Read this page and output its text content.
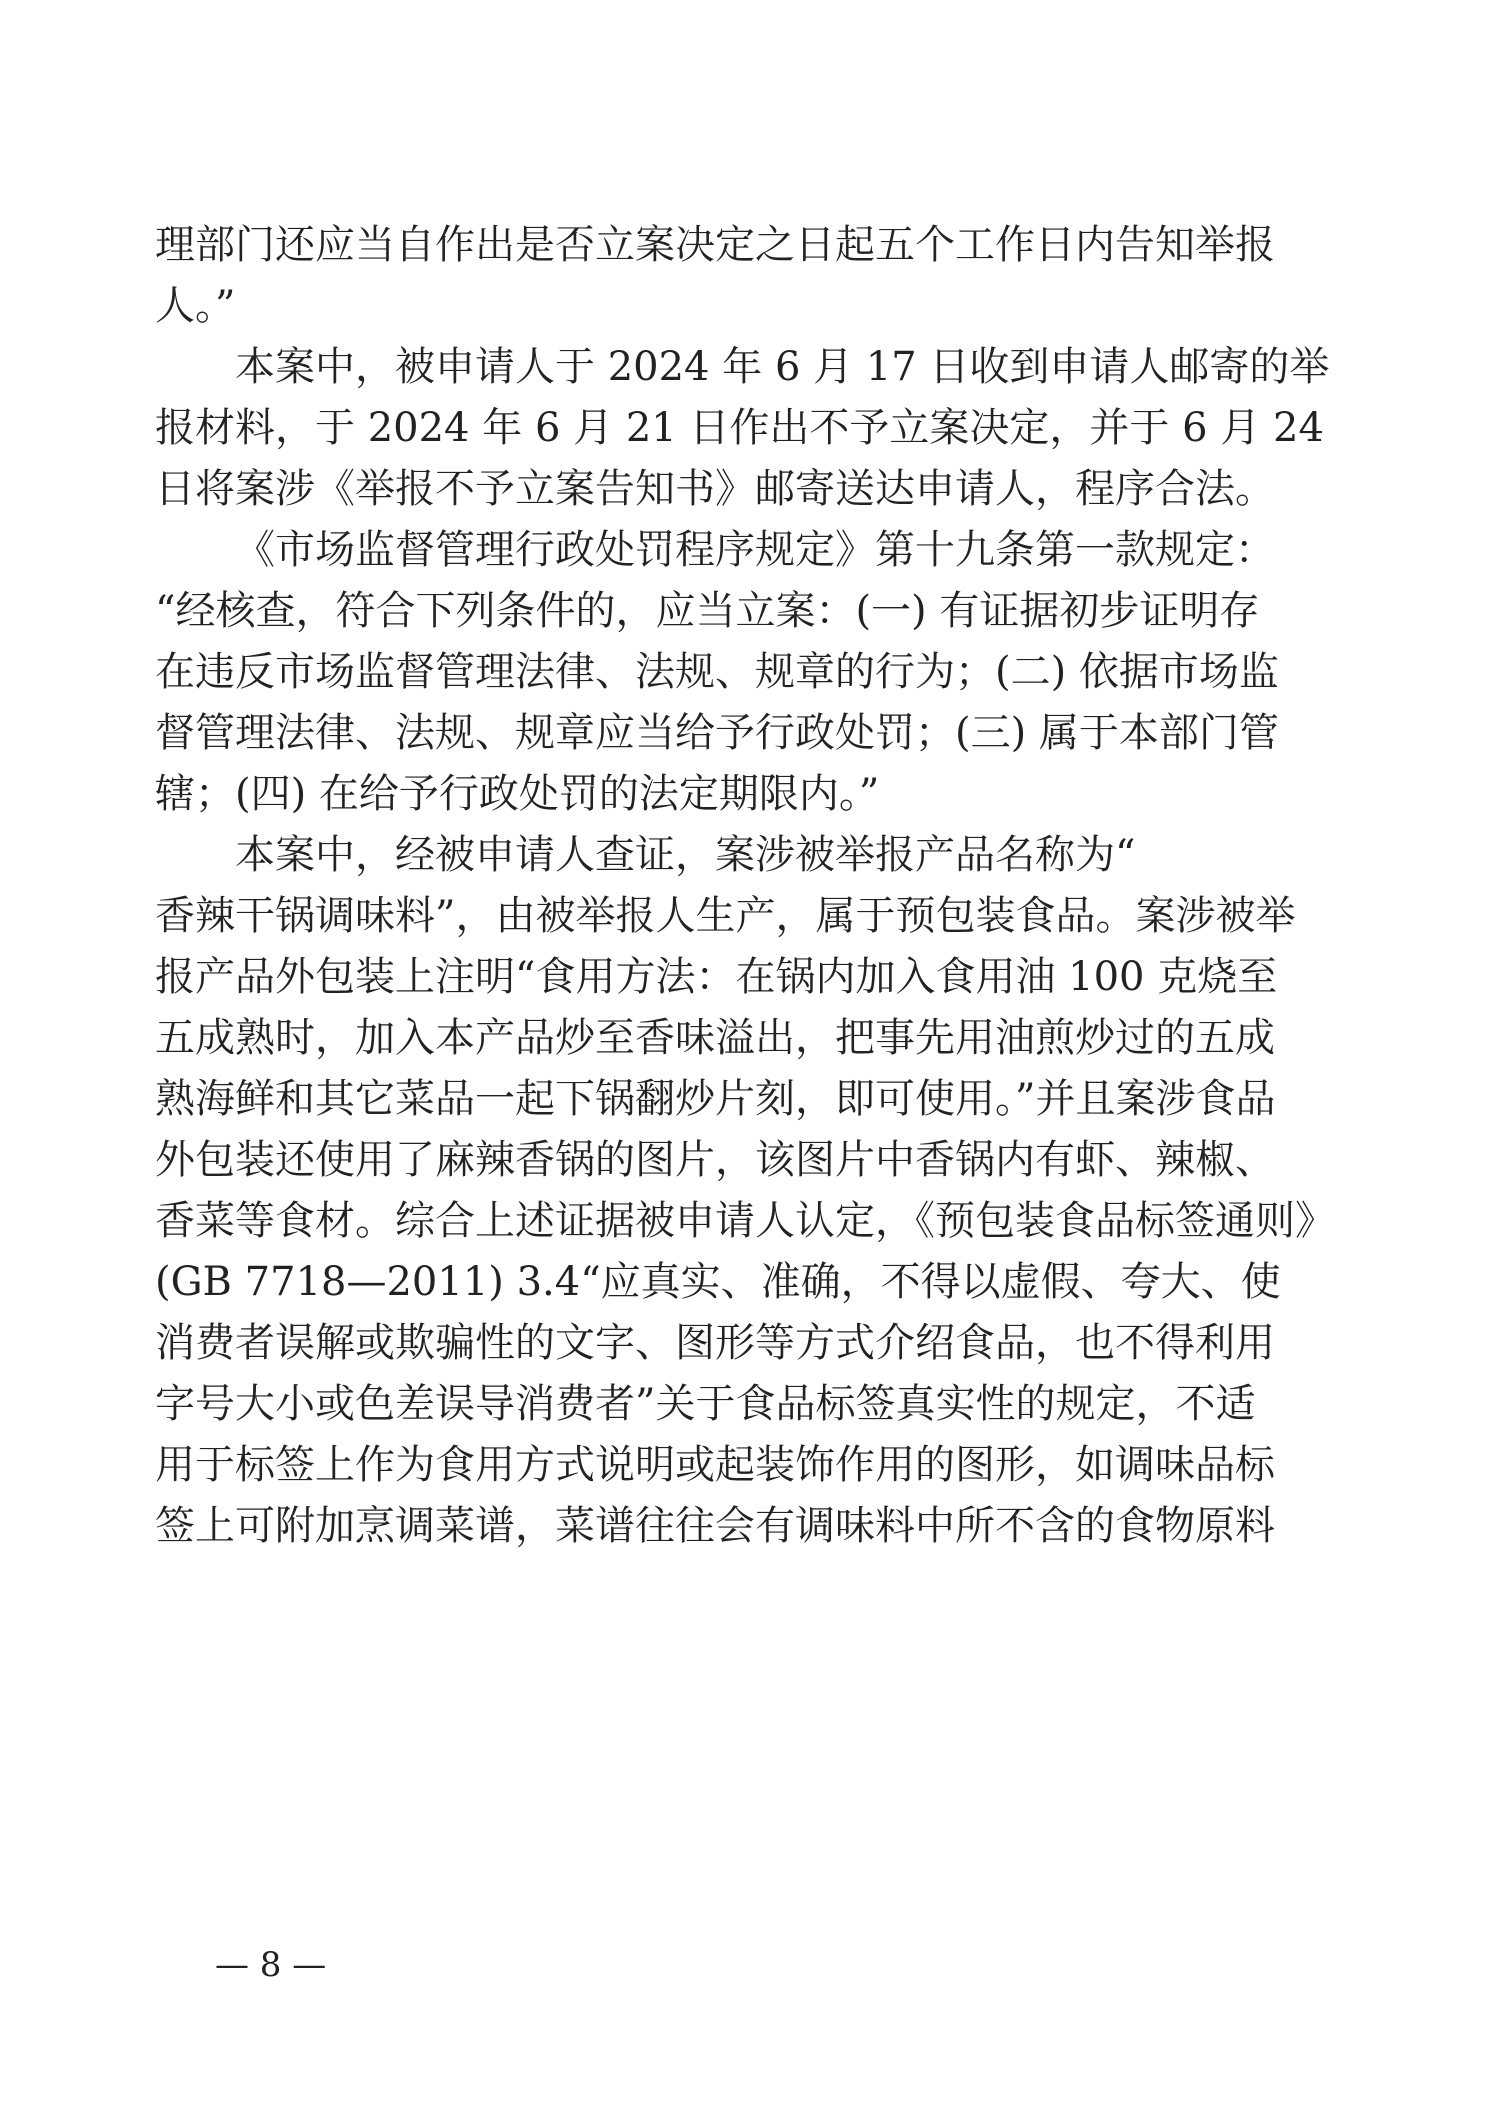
理部门还应当自作出是否立案决定之日起五个工作日内告知举报
人。”
本案中，被申请人于 2024 年 6 月 17 日收到申请人邮寄的举
报材料，于 2024 年 6 月 21 日作出不予立案决定，并于 6 月 24
日将案涉《举报不予立案告知书》邮寄送达申请人，程序合法。
《市场监督管理行政处罚程序规定》第十九条第一款规定：
“经核查，符合下列条件的，应当立案：(一) 有证据初步证明存
在违反市场监督管理法律、法规、规章的行为；(二) 依据市场监
督管理法律、法规、规章应当给予行政处罚；(三) 属于本部门管
辖；(四) 在给予行政处罚的法定期限内。”
本案中，经被申请人查证，案涉被举报产品名称为“
香辣干锅调味料”，由被举报人生产，属于预包装食品。案涉被举
报产品外包装上注明“食用方法：在锅内加入食用油 100 克烧至
五成熟时，加入本产品炒至香味溢出，把事先用油煎炒过的五成
熟海鲜和其它菜品一起下锅翻炒片刻，即可使用。”并且案涉食品
外包装还使用了麻辣香锅的图片，该图片中香锅内有虾、辣椒、
香菜等食材。综合上述证据被申请人认定，《预包装食品标签通则》
(GB 7718—2011) 3.4“应真实、准确，不得以虚假、夸大、使
消费者误解或欺骗性的文字、图形等方式介绍食品，也不得利用
字号大小或色差误导消费者”关于食品标签真实性的规定，不适
用于标签上作为食用方式说明或起装饰作用的图形，如调味品标
签上可附加烹调菜谱，菜谱往往会有调味料中所不含的食物原料
— 8 —
